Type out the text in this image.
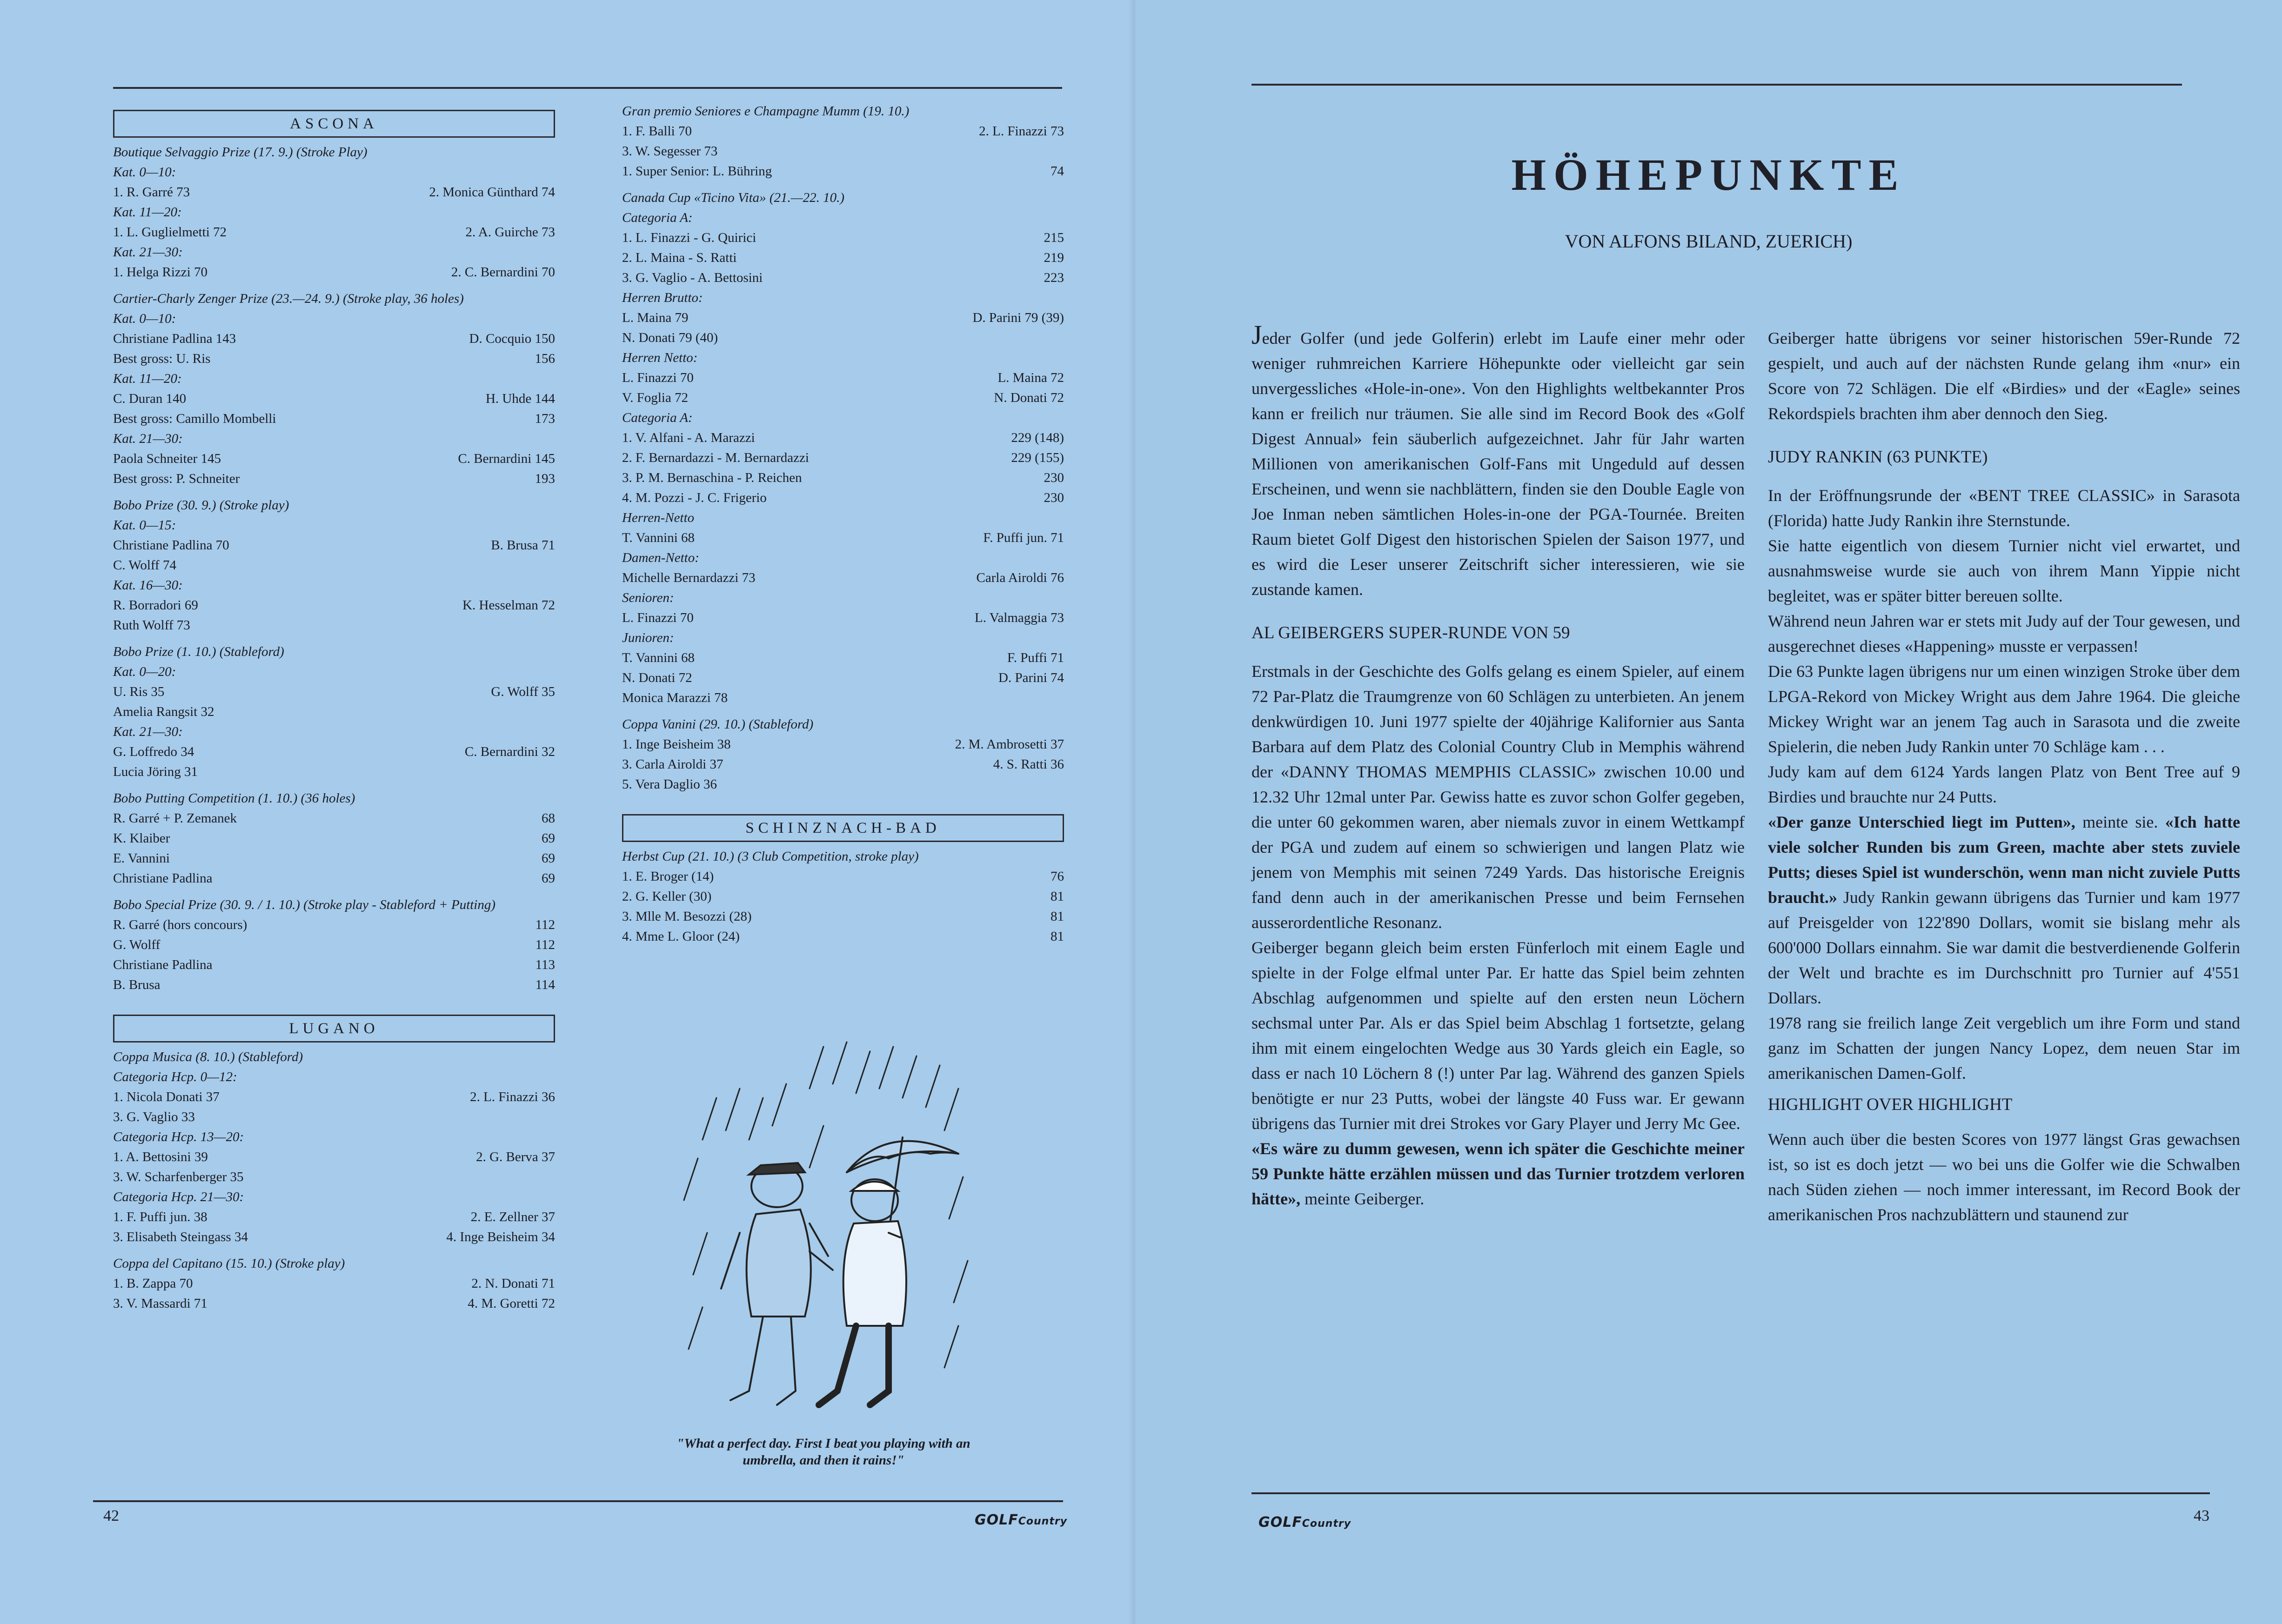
ASCONA
Boutique Selvaggio Prize (17. 9.) (Stroke Play)
Kat. 0—10:
1. R. Garré 73	2. Monica Günthard 74
Kat. 11—20:
1. L. Guglielmetti 72	2. A. Guirche 73
Kat. 21—30:
1. Helga Rizzi 70	2. C. Bernardini 70
Cartier-Charly Zenger Prize (23.—24. 9.) (Stroke play, 36 holes)
Kat. 0—10:
Christiane Padlina 143	D. Cocquio 150
Best gross: U. Ris	156
Kat. 11—20:
C. Duran 140	H. Uhde 144
Best gross: Camillo Mombelli	173
Kat. 21—30:
Paola Schneiter 145	C. Bernardini 145
Best gross: P. Schneiter	193
Bobo Prize (30. 9.) (Stroke play)
Kat. 0—15:
Christiane Padlina 70	B. Brusa 71
C. Wolff 74
Kat. 16—30:
R. Borradori 69	K. Hesselman 72
Ruth Wolff 73
Bobo Prize (1. 10.) (Stableford)
Kat. 0—20:
U. Ris 35	G. Wolff 35
Amelia Rangsit 32
Kat. 21—30:
G. Loffredo 34	C. Bernardini 32
Lucia Jöring 31
Bobo Putting Competition (1. 10.) (36 holes)
R. Garré + P. Zemanek	68
K. Klaiber	69
E. Vannini	69
Christiane Padlina	69
Bobo Special Prize (30. 9. / 1. 10.) (Stroke play - Stableford + Putting)
R. Garré (hors concours)	112
G. Wolff	112
Christiane Padlina	113
B. Brusa	114
LUGANO
Coppa Musica (8. 10.) (Stableford)
Categoria Hcp. 0—12:
1. Nicola Donati 37	2. L. Finazzi 36
3. G. Vaglio 33
Categoria Hcp. 13—20:
1. A. Bettosini 39	2. G. Berva 37
3. W. Scharfenberger 35
Categoria Hcp. 21—30:
1. F. Puffi jun. 38	2. E. Zellner 37
3. Elisabeth Steingass 34	4. Inge Beisheim 34
Coppa del Capitano (15. 10.) (Stroke play)
1. B. Zappa 70	2. N. Donati 71
3. V. Massardi 71	4. M. Goretti 72
Gran premio Seniores e Champagne Mumm (19. 10.)
1. F. Balli 70	2. L. Finazzi 73
3. W. Segesser 73
1. Super Senior: L. Bühring	74
Canada Cup «Ticino Vita» (21.—22. 10.)
Categoria A:
1. L. Finazzi - G. Quirici	215
2. L. Maina - S. Ratti	219
3. G. Vaglio - A. Bettosini	223
Herren Brutto:
L. Maina 79	D. Parini 79 (39)
N. Donati 79 (40)
Herren Netto:
L. Finazzi 70	L. Maina 72
V. Foglia 72	N. Donati 72
Categoria A:
1. V. Alfani - A. Marazzi	229 (148)
2. F. Bernardazzi - M. Bernardazzi	229 (155)
3. P. M. Bernaschina - P. Reichen	230
4. M. Pozzi - J. C. Frigerio	230
Herren-Netto
T. Vannini 68	F. Puffi jun. 71
Damen-Netto:
Michelle Bernardazzi 73	Carla Airoldi 76
Senioren:
L. Finazzi 70	L. Valmaggia 73
Junioren:
T. Vannini 68	F. Puffi 71
N. Donati 72	D. Parini 74
Monica Marazzi 78
Coppa Vanini (29. 10.) (Stableford)
1. Inge Beisheim 38	2. M. Ambrosetti 37
3. Carla Airoldi 37	4. S. Ratti 36
5. Vera Daglio 36
SCHINZNACH-BAD
Herbst Cup (21. 10.) (3 Club Competition, stroke play)
1. E. Broger (14)	76
2. G. Keller (30)	81
3. Mlle M. Besozzi (28)	81
4. Mme L. Gloor (24)	81
"What a perfect day. First I beat you playing with an umbrella, and then it rains!"
42	GOLFCountry
HÖHEPUNKTE
VON ALFONS BILAND, ZUERICH)

Jeder Golfer (und jede Golferin) erlebt im Laufe einer mehr oder weniger ruhmreichen Karriere Höhepunkte oder vielleicht gar sein unvergessliches «Hole-in-one». Von den Highlights weltbekannter Pros kann er freilich nur träumen. Sie alle sind im Record Book des «Golf Digest Annual» fein säuberlich aufgezeichnet. Jahr für Jahr warten Millionen von amerikanischen Golf-Fans mit Ungeduld auf dessen Erscheinen, und wenn sie nachblättern, finden sie den Double Eagle von Joe Inman neben sämtlichen Holes-in-one der PGA-Tournée. Breiten Raum bietet Golf Digest den historischen Spielen der Saison 1977, und es wird die Leser unserer Zeitschrift sicher interessieren, wie sie zustande kamen.

AL GEIBERGERS SUPER-RUNDE VON 59

Erstmals in der Geschichte des Golfs gelang es einem Spieler, auf einem 72 Par-Platz die Traumgrenze von 60 Schlägen zu unterbieten. An jenem denkwürdigen 10. Juni 1977 spielte der 40jährige Kalifornier aus Santa Barbara auf dem Platz des Colonial Country Club in Memphis während der «DANNY THOMAS MEMPHIS CLASSIC» zwischen 10.00 und 12.32 Uhr 12mal unter Par. Gewiss hatte es zuvor schon Golfer gegeben, die unter 60 gekommen waren, aber niemals zuvor in einem Wettkampf der PGA und zudem auf einem so schwierigen und langen Platz wie jenem von Memphis mit seinen 7249 Yards. Das historische Ereignis fand denn auch in der amerikanischen Presse und beim Fernsehen ausserordentliche Resonanz.

Geiberger begann gleich beim ersten Fünferloch mit einem Eagle und spielte in der Folge elfmal unter Par. Er hatte das Spiel beim zehnten Abschlag aufgenommen und spielte auf den ersten neun Löchern sechsmal unter Par. Als er das Spiel beim Abschlag 1 fortsetzte, gelang ihm mit einem eingelochten Wedge aus 30 Yards gleich ein Eagle, so dass er nach 10 Löchern 8 (!) unter Par lag. Während des ganzen Spiels benötigte er nur 23 Putts, wobei der längste 40 Fuss war. Er gewann übrigens das Turnier mit drei Strokes vor Gary Player und Jerry Mc Gee.

«Es wäre zu dumm gewesen, wenn ich später die Geschichte meiner 59 Punkte hätte erzählen müssen und das Turnier trotzdem verloren hätte», meinte Geiberger.

Geiberger hatte übrigens vor seiner historischen 59er-Runde 72 gespielt, und auch auf der nächsten Runde gelang ihm «nur» ein Score von 72 Schlägen. Die elf «Birdies» und der «Eagle» seines Rekordspiels brachten ihm aber dennoch den Sieg.

JUDY RANKIN (63 PUNKTE)

In der Eröffnungsrunde der «BENT TREE CLASSIC» in Sarasota (Florida) hatte Judy Rankin ihre Sternstunde.

Sie hatte eigentlich von diesem Turnier nicht viel erwartet, und ausnahmsweise wurde sie auch von ihrem Mann Yippie nicht begleitet, was er später bitter bereuen sollte.

Während neun Jahren war er stets mit Judy auf der Tour gewesen, und ausgerechnet dieses «Happening» musste er verpassen!

Die 63 Punkte lagen übrigens nur um einen winzigen Stroke über dem LPGA-Rekord von Mickey Wright aus dem Jahre 1964. Die gleiche Mickey Wright war an jenem Tag auch in Sarasota und die zweite Spielerin, die neben Judy Rankin unter 70 Schläge kam . . .

Judy kam auf dem 6124 Yards langen Platz von Bent Tree auf 9 Birdies und brauchte nur 24 Putts.
«Der ganze Unterschied liegt im Putten», meinte sie. «Ich hatte viele solcher Runden bis zum Green, machte aber stets zuviele Putts; dieses Spiel ist wunderschön, wenn man nicht zuviele Putts braucht.» Judy Rankin gewann übrigens das Turnier und kam 1977 auf Preisgelder von 122'890 Dollars, womit sie bislang mehr als 600'000 Dollars einnahm. Sie war damit die bestverdienende Golferin der Welt und brachte es im Durchschnitt pro Turnier auf 4'551 Dollars.

1978 rang sie freilich lange Zeit vergeblich um ihre Form und stand ganz im Schatten der jungen Nancy Lopez, dem neuen Star im amerikanischen Damen-Golf.

HIGHLIGHT OVER HIGHLIGHT

Wenn auch über die besten Scores von 1977 längst Gras gewachsen ist, so ist es doch jetzt — wo bei uns die Golfer wie die Schwalben nach Süden ziehen — noch immer interessant, im Record Book der amerikanischen Pros nachzublättern und staunend zur

GOLFCountry	43
